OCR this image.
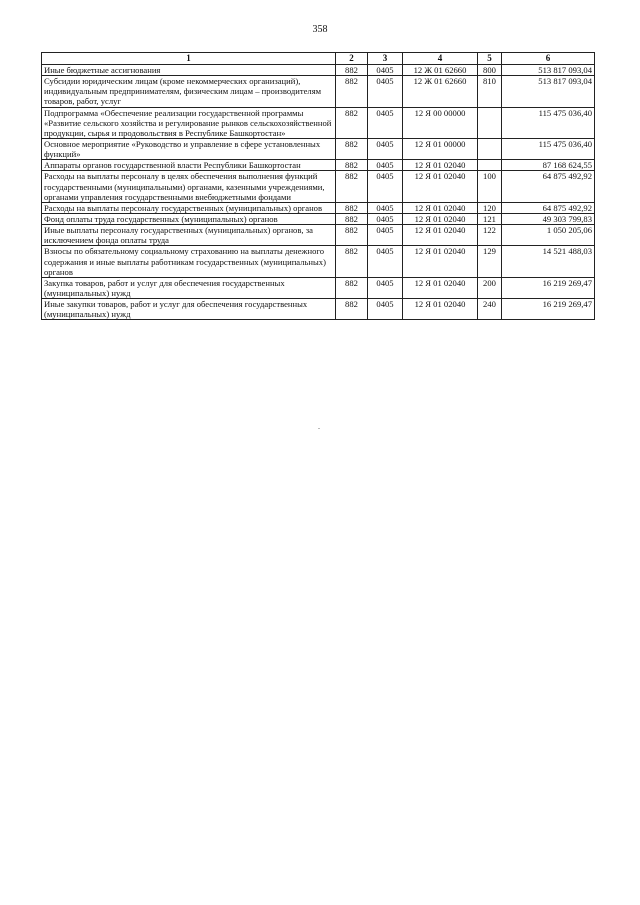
358
1	2	3	4	5	6
Иные бюджетные ассигнования	882	0405	12 Ж 01 62660	800	513 817 093,04
Субсидии юридическим лицам (кроме некоммерческих организаций), индивидуальным предпринимателям, физическим лицам – производителям товаров, работ, услуг	882	0405	12 Ж 01 62660	810	513 817 093,04
Подпрограмма «Обеспечение реализации государственной программы «Развитие сельского хозяйства и регулирование рынков сельскохозяйственной продукции, сырья и продовольствия в Республике Башкортостан»	882	0405	12 Я 00 00000		115 475 036,40
Основное мероприятие «Руководство и управление в сфере установленных функций»	882	0405	12 Я 01 00000		115 475 036,40
Аппараты органов государственной власти Республики Башкортостан	882	0405	12 Я 01 02040		87 168 624,55
Расходы на выплаты персоналу в целях обеспечения выполнения функций государственными (муниципальными) органами, казенными учреждениями, органами управления государственными внебюджетными фондами	882	0405	12 Я 01 02040	100	64 875 492,92
Расходы на выплаты персоналу государственных (муниципальных) органов	882	0405	12 Я 01 02040	120	64 875 492,92
Фонд оплаты труда государственных (муниципальных) органов	882	0405	12 Я 01 02040	121	49 303 799,83
Иные выплаты персоналу государственных (муниципальных) органов, за исключением фонда оплаты труда	882	0405	12 Я 01 02040	122	1 050 205,06
Взносы по обязательному социальному страхованию на выплаты денежного содержания и иные выплаты работникам государственных (муниципальных) органов	882	0405	12 Я 01 02040	129	14 521 488,03
Закупка товаров, работ и услуг для обеспечения государственных (муниципальных) нужд	882	0405	12 Я 01 02040	200	16 219 269,47
Иные закупки товаров, работ и услуг для обеспечения государственных (муниципальных) нужд	882	0405	12 Я 01 02040	240	16 219 269,47
